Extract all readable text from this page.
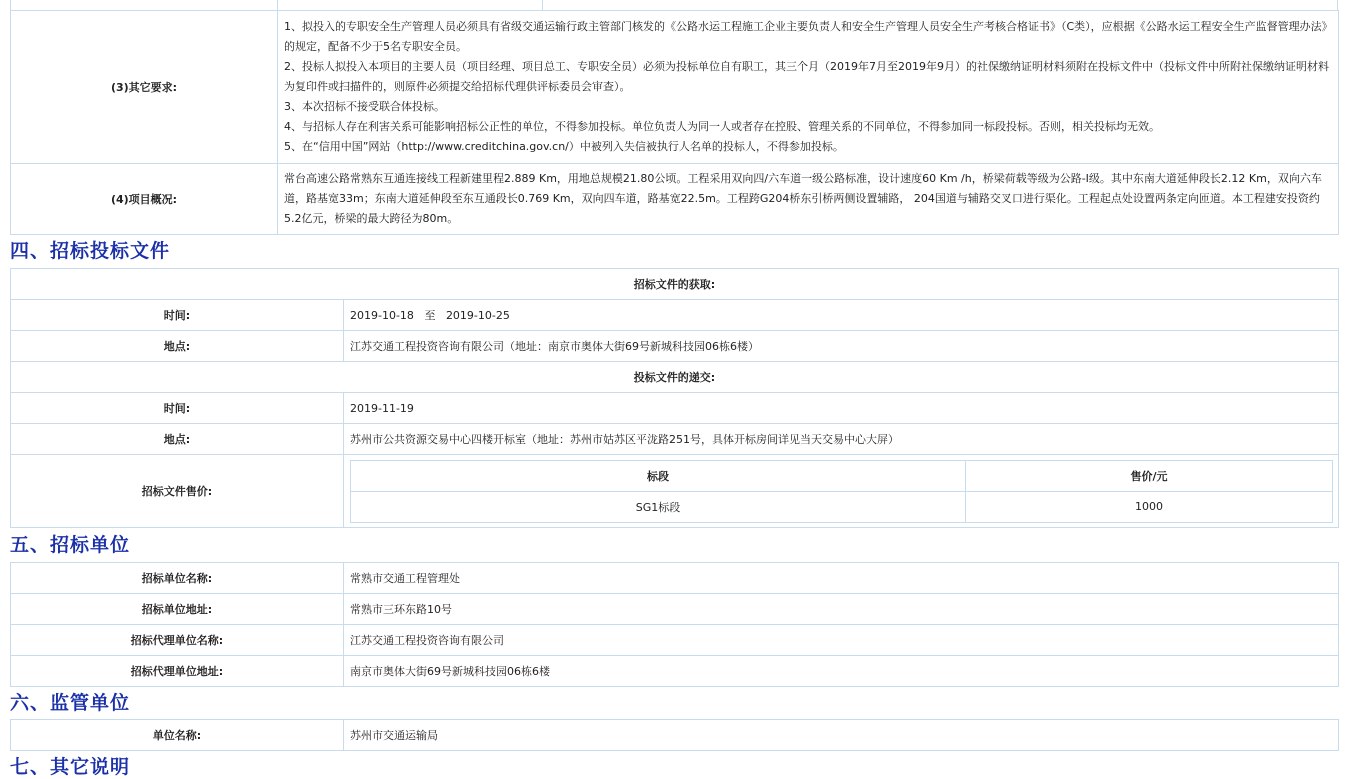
(3)其它要求:	1、拟投入的专职安全生产管理人员必须具有省级交通运输行政主管部门核发的《公路水运工程施工企业主要负责人和安全生产管理人员安全生产考核合格证书》（C类），应根据《公路水运工程安全生产监督管理办法》的规定，配备不少于5名专职安全员。
2、投标人拟投入本项目的主要人员（项目经理、项目总工、专职安全员）必须为投标单位自有职工，其三个月（2019年7月至2019年9月）的社保缴纳证明材料须附在投标文件中（投标文件中所附社保缴纳证明材料为复印件或扫描件的，则原件必须提交给招标代理供评标委员会审查）。
3、本次招标不接受联合体投标。
4、与招标人存在利害关系可能影响招标公正性的单位，不得参加投标。单位负责人为同一人或者存在控股、管理关系的不同单位，不得参加同一标段投标。否则，相关投标均无效。
5、在“信用中国”网站（http://www.creditchina.gov.cn/）中被列入失信被执行人名单的投标人，不得参加投标。

(4)项目概况:	常台高速公路常熟东互通连接线工程新建里程2.889 Km，用地总规模21.80公顷。工程采用双向四/六车道一级公路标准，设计速度60 Km /h，桥梁荷载等级为公路-I级。其中东南大道延伸段长2.12 Km，双向六车道，路基宽33m；东南大道延伸段至东互通段长0.769 Km，双向四车道，路基宽22.5m。工程跨G204桥东引桥两侧设置辅路， 204国道与辅路交叉口进行渠化。工程起点处设置两条定向匝道。本工程建安投资约5.2亿元，桥梁的最大跨径为80m。
四、招标投标文件
招标文件的获取:
时间:	2019-10-18 至 2019-10-25
地点:	江苏交通工程投资咨询有限公司（地址：南京市奥体大街69号新城科技园06栋6楼）
投标文件的递交:
时间:	2019-11-19
地点:	苏州市公共资源交易中心四楼开标室（地址：苏州市姑苏区平泷路251号，具体开标房间详见当天交易中心大屏）
招标文件售价:	
标段	售价/元
SG1标段	1000
五、招标单位
招标单位名称:	常熟市交通工程管理处
招标单位地址:	常熟市三环东路10号
招标代理单位名称:	江苏交通工程投资咨询有限公司
招标代理单位地址:	南京市奥体大街69号新城科技园06栋6楼
六、监管单位
单位名称:	苏州市交通运输局
七、其它说明
